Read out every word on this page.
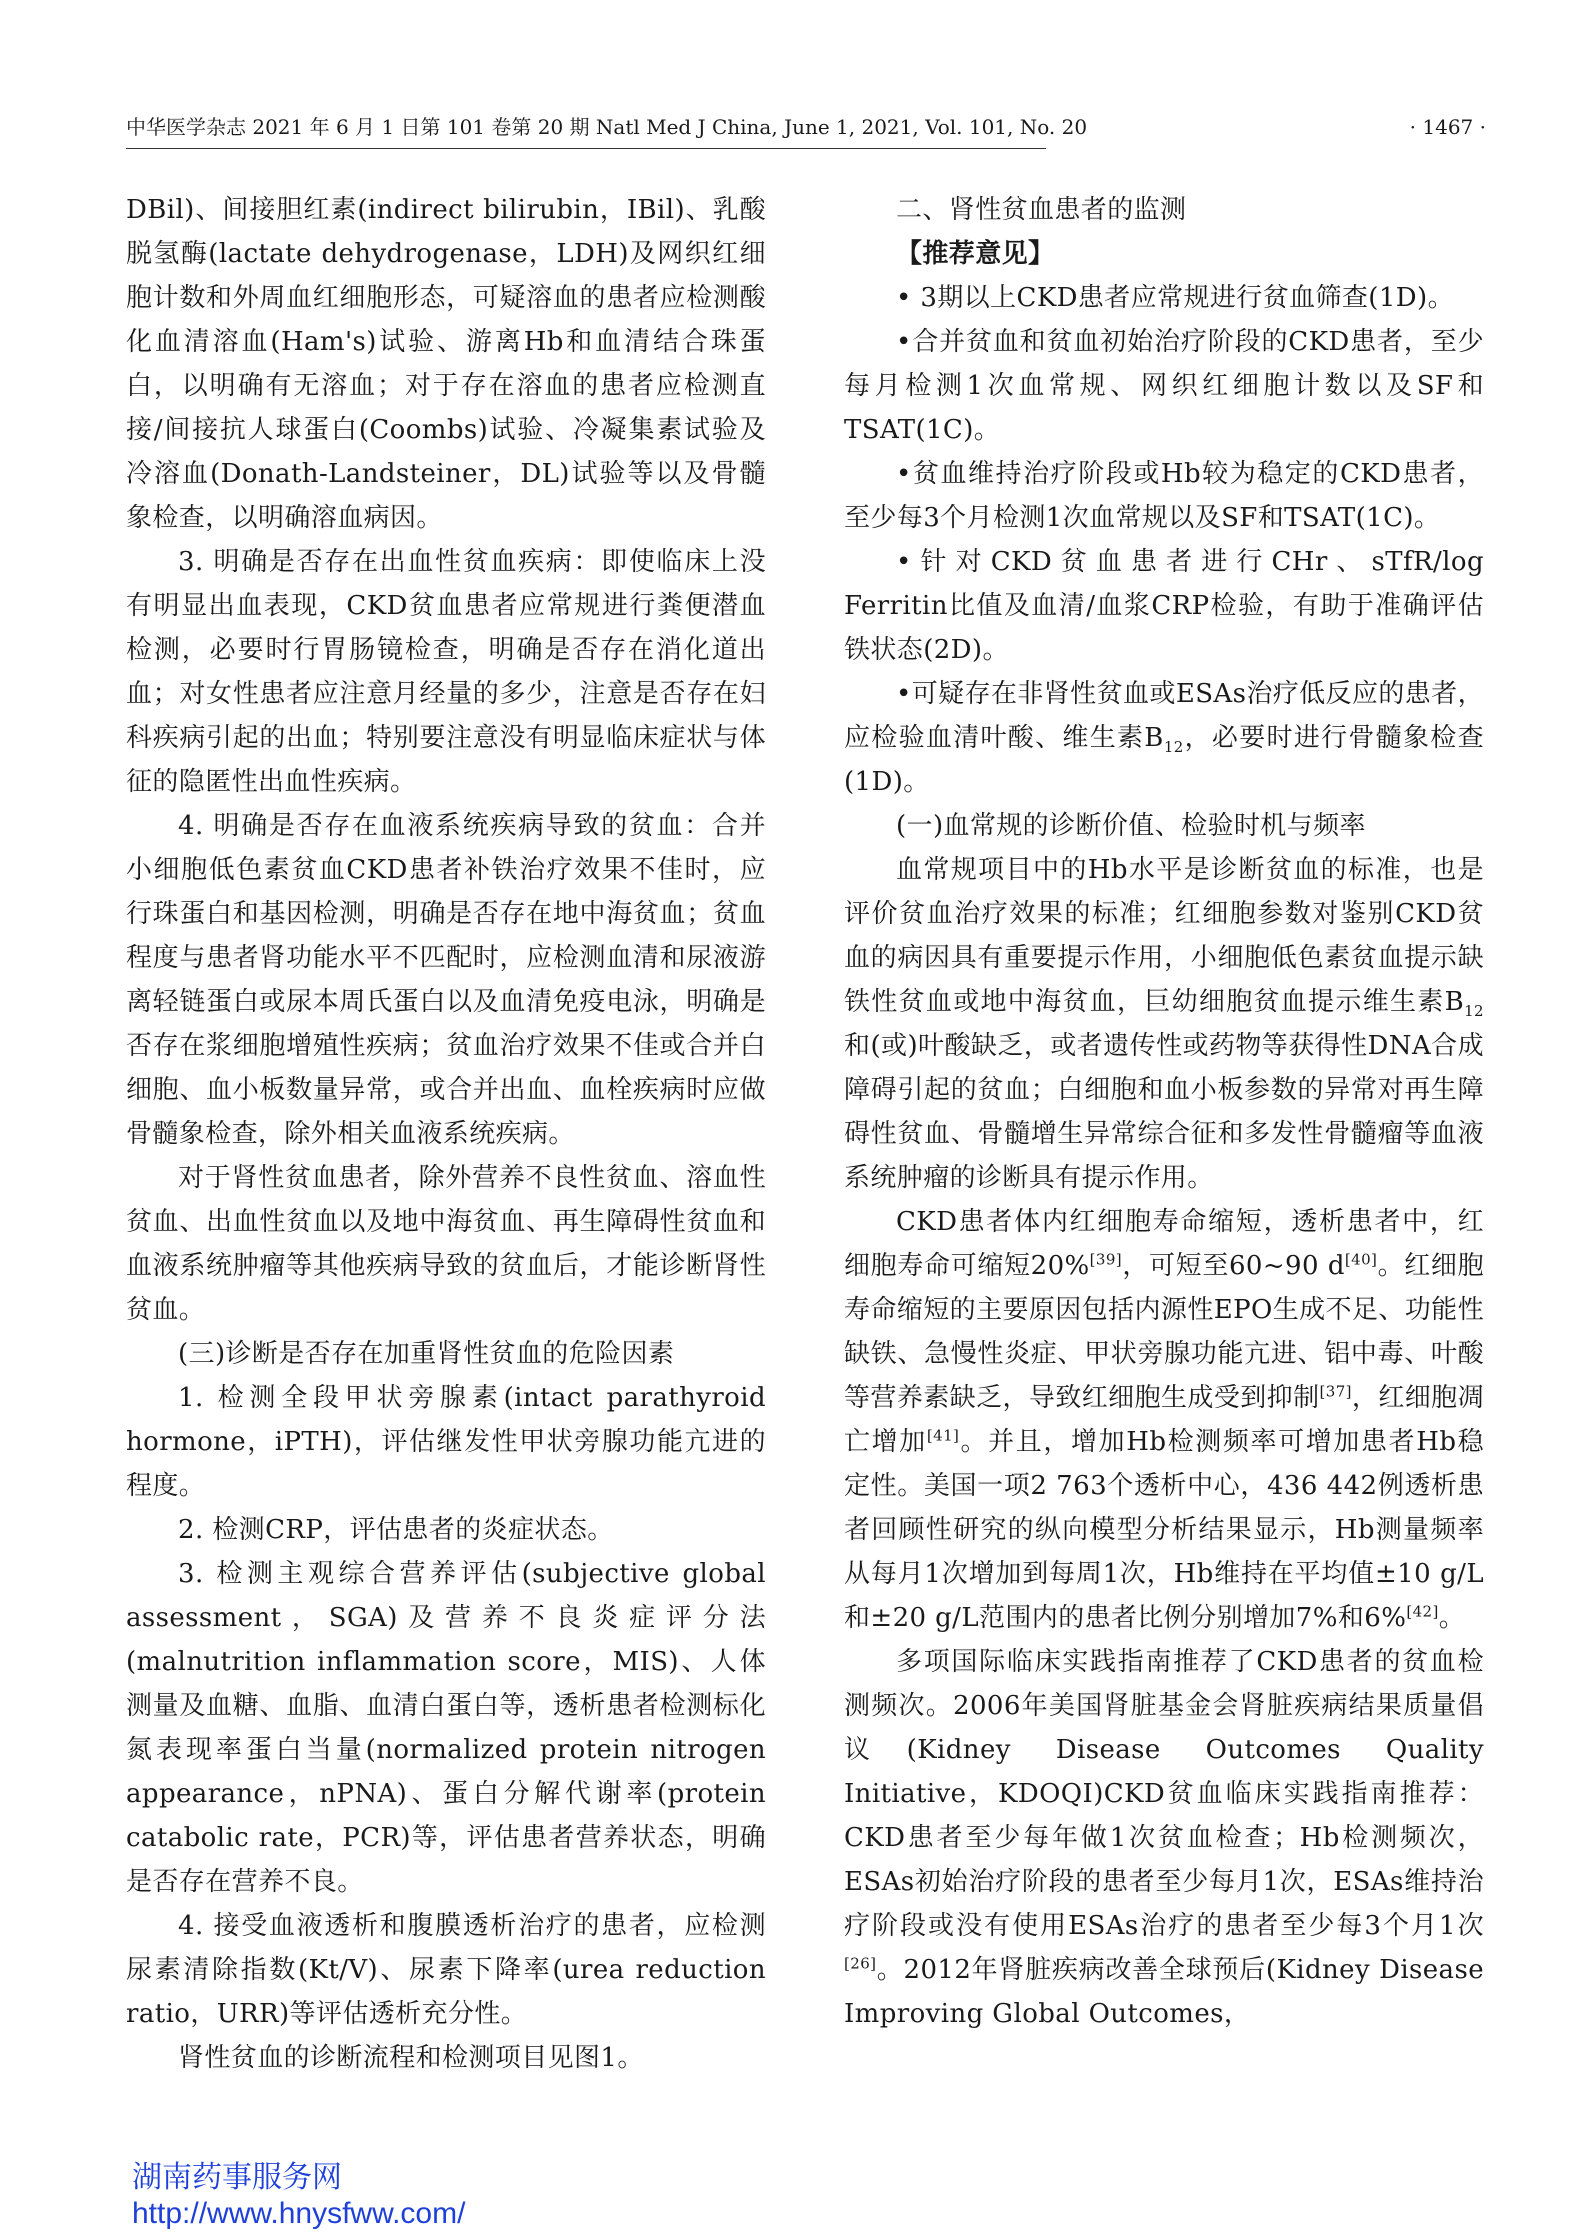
中华医学杂志 2021 年 6 月 1 日第 101 卷第 20 期 Natl Med J China, June 1, 2021, Vol. 101, No. 20	· 1467 ·

DBil)、间接胆红素(indirect bilirubin，IBil)、乳酸脱氢酶(lactate dehydrogenase，LDH)及网织红细胞计数和外周血红细胞形态，可疑溶血的患者应检测酸化血清溶血(Ham's)试验、游离Hb和血清结合珠蛋白，以明确有无溶血；对于存在溶血的患者应检测直接/间接抗人球蛋白(Coombs)试验、冷凝集素试验及冷溶血(Donath-Landsteiner，DL)试验等以及骨髓象检查，以明确溶血病因。

3. 明确是否存在出血性贫血疾病：即使临床上没有明显出血表现，CKD贫血患者应常规进行粪便潜血检测，必要时行胃肠镜检查，明确是否存在消化道出血；对女性患者应注意月经量的多少，注意是否存在妇科疾病引起的出血；特别要注意没有明显临床症状与体征的隐匿性出血性疾病。

4. 明确是否存在血液系统疾病导致的贫血：合并小细胞低色素贫血CKD患者补铁治疗效果不佳时，应行珠蛋白和基因检测，明确是否存在地中海贫血；贫血程度与患者肾功能水平不匹配时，应检测血清和尿液游离轻链蛋白或尿本周氏蛋白以及血清免疫电泳，明确是否存在浆细胞增殖性疾病；贫血治疗效果不佳或合并白细胞、血小板数量异常，或合并出血、血栓疾病时应做骨髓象检查，除外相关血液系统疾病。

对于肾性贫血患者，除外营养不良性贫血、溶血性贫血、出血性贫血以及地中海贫血、再生障碍性贫血和血液系统肿瘤等其他疾病导致的贫血后，才能诊断肾性贫血。

(三)诊断是否存在加重肾性贫血的危险因素

1. 检测全段甲状旁腺素(intact parathyroid hormone，iPTH)，评估继发性甲状旁腺功能亢进的程度。

2. 检测CRP，评估患者的炎症状态。

3. 检测主观综合营养评估(subjective global assessment，SGA)及营养不良炎症评分法(malnutrition inflammation score，MIS)、人体测量及血糖、血脂、血清白蛋白等，透析患者检测标化氮表现率蛋白当量(normalized protein nitrogen appearance，nPNA)、蛋白分解代谢率(protein catabolic rate，PCR)等，评估患者营养状态，明确是否存在营养不良。

4. 接受血液透析和腹膜透析治疗的患者，应检测尿素清除指数(Kt/V)、尿素下降率(urea reduction ratio，URR)等评估透析充分性。

肾性贫血的诊断流程和检测项目见图1。

二、肾性贫血患者的监测

【推荐意见】

• 3期以上CKD患者应常规进行贫血筛查(1D)。

•合并贫血和贫血初始治疗阶段的CKD患者，至少每月检测1次血常规、网织红细胞计数以及SF和TSAT(1C)。

•贫血维持治疗阶段或Hb较为稳定的CKD患者，至少每3个月检测1次血常规以及SF和TSAT(1C)。

•针对CKD贫血患者进行CHr、sTfR/log Ferritin比值及血清/血浆CRP检验，有助于准确评估铁状态(2D)。

•可疑存在非肾性贫血或ESAs治疗低反应的患者，应检验血清叶酸、维生素$B_{12}$，必要时进行骨髓象检查(1D)。

(一)血常规的诊断价值、检验时机与频率

血常规项目中的Hb水平是诊断贫血的标准，也是评价贫血治疗效果的标准；红细胞参数对鉴别CKD贫血的病因具有重要提示作用，小细胞低色素贫血提示缺铁性贫血或地中海贫血，巨幼细胞贫血提示维生素$B_{12}$和(或)叶酸缺乏，或者遗传性或药物等获得性DNA合成障碍引起的贫血；白细胞和血小板参数的异常对再生障碍性贫血、骨髓增生异常综合征和多发性骨髓瘤等血液系统肿瘤的诊断具有提示作用。

CKD患者体内红细胞寿命缩短，透析患者中，红细胞寿命可缩短20%[39]，可短至60~90 d[40]。红细胞寿命缩短的主要原因包括内源性EPO生成不足、功能性缺铁、急慢性炎症、甲状旁腺功能亢进、铝中毒、叶酸等营养素缺乏，导致红细胞生成受到抑制[37]，红细胞凋亡增加[41]。并且，增加Hb检测频率可增加患者Hb稳定性。美国一项2 763个透析中心，436 442例透析患者回顾性研究的纵向模型分析结果显示，Hb测量频率从每月1次增加到每周1次，Hb维持在平均值±10 g/L和±20 g/L范围内的患者比例分别增加7%和6%[42]。

多项国际临床实践指南推荐了CKD患者的贫血检测频次。2006年美国肾脏基金会肾脏疾病结果质量倡议(Kidney Disease Outcomes Quality Initiative，KDOQI)CKD贫血临床实践指南推荐：CKD患者至少每年做1次贫血检查；Hb检测频次，ESAs初始治疗阶段的患者至少每月1次，ESAs维持治疗阶段或没有使用ESAs治疗的患者至少每3个月1次[26]。2012年肾脏疾病改善全球预后(Kidney Disease Improving Global Outcomes，

湖南药事服务网
http://www.hnysfww.com/
